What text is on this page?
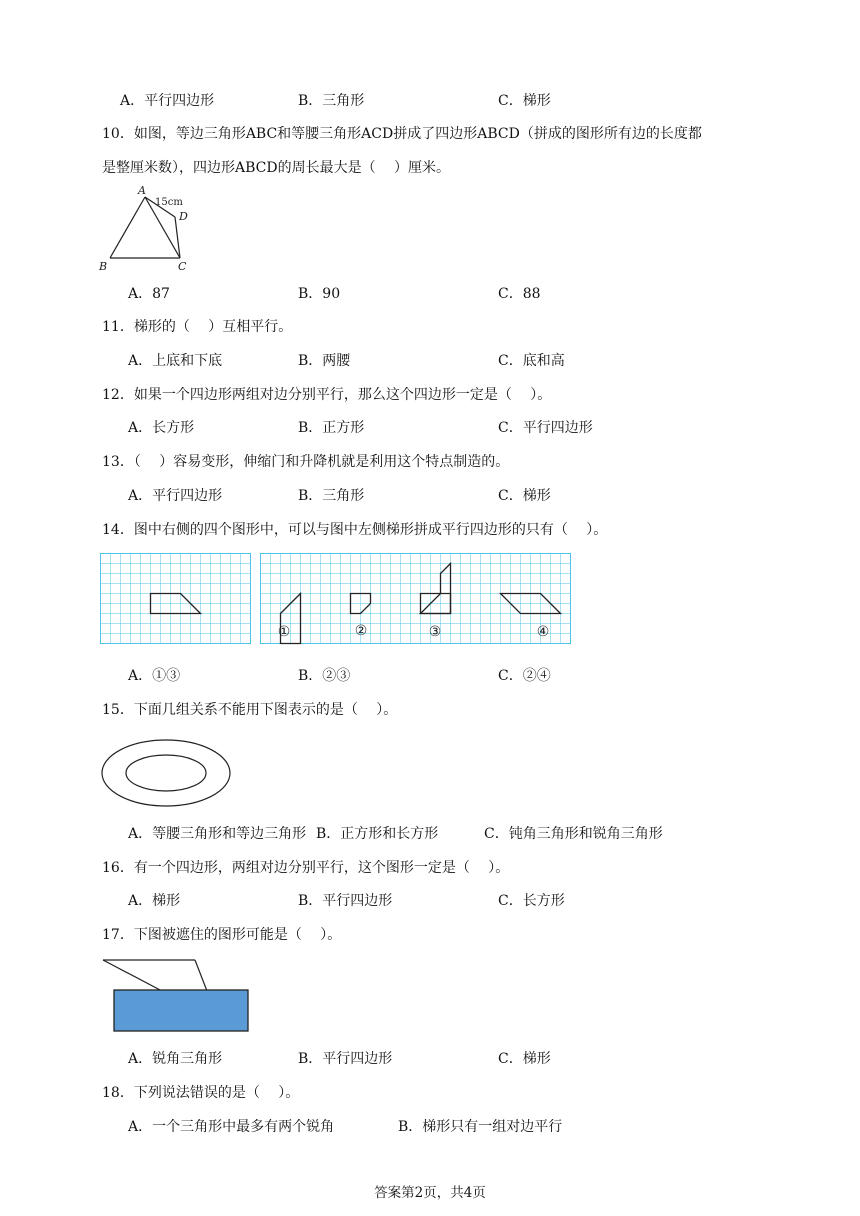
A．平行四边形	B．三角形	C．梯形
10．如图，等边三角形ABC和等腰三角形ACD拼成了四边形ABCD（拼成的图形所有边的长度都
是整厘米数），四边形ABCD的周长最大是（　 ）厘米。
A
B	C
D
15cm
A．87	B．90	C．88
11．梯形的（　 ）互相平行。
A．上底和下底	B．两腰	C．底和高
12．如果一个四边形两组对边分别平行，那么这个四边形一定是（　 ）。
A．长方形	B．正方形	C．平行四边形
13．（　 ）容易变形，伸缩门和升降机就是利用这个特点制造的。
A．平行四边形	B．三角形	C．梯形
14．图中右侧的四个图形中，可以与图中左侧梯形拼成平行四边形的只有（　 ）。
①	②	③	④
A．①③	B．②③	C．②④
15．下面几组关系不能用下图表示的是（　 ）。
A．等腰三角形和等边三角形 B．正方形和长方形	C．钝角三角形和锐角三角形
16．有一个四边形，两组对边分别平行，这个图形一定是（　 ）。
A．梯形	B．平行四边形	C．长方形
17．下图被遮住的图形可能是（　 ）。
A．锐角三角形	B．平行四边形	C．梯形
18．下列说法错误的是（　 ）。
A．一个三角形中最多有两个锐角	B．梯形只有一组对边平行
答案第2页，共4页
